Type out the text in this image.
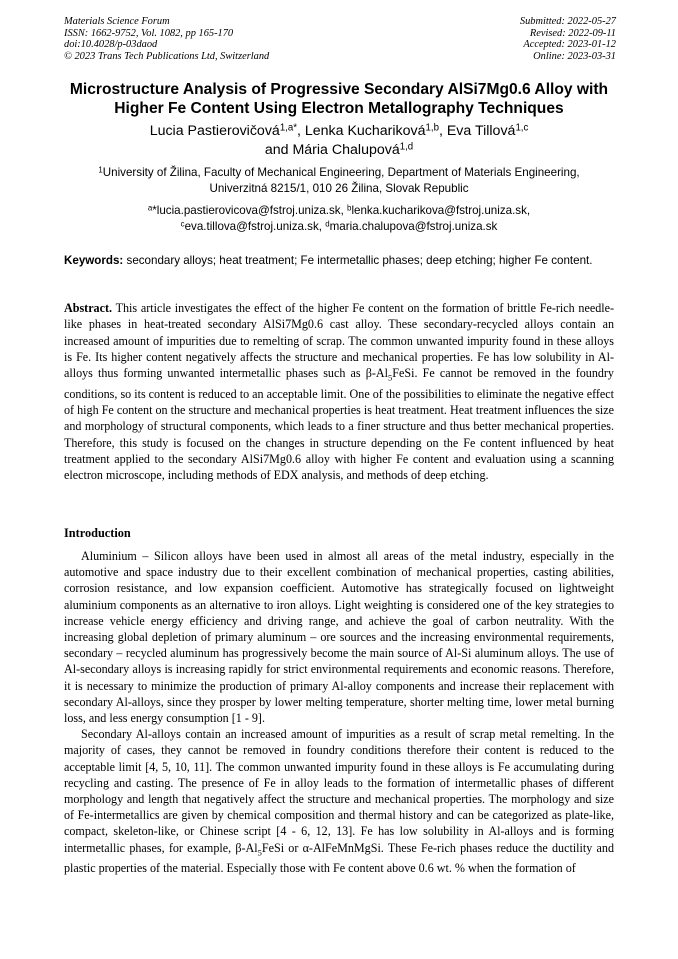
Materials Science Forum
ISSN: 1662-9752, Vol. 1082, pp 165-170
doi:10.4028/p-03daod
© 2023 Trans Tech Publications Ltd, Switzerland
Submitted: 2022-05-27
Revised: 2022-09-11
Accepted: 2023-01-12
Online: 2023-03-31
Microstructure Analysis of Progressive Secondary AlSi7Mg0.6 Alloy with Higher Fe Content Using Electron Metallography Techniques
Lucia Pastierovičová$^{1,a*}$, Lenka Kuchariková$^{1,b}$, Eva Tillová$^{1,c}$
and Mária Chalupová$^{1,d}$
$^1$University of Žilina, Faculty of Mechanical Engineering, Department of Materials Engineering,
Univerzitná 8215/1, 010 26 Žilina, Slovak Republic
$^a$*lucia.pastierovicova@fstroj.uniza.sk, $^b$lenka.kucharikova@fstroj.uniza.sk,
$^c$eva.tillova@fstroj.uniza.sk, $^d$maria.chalupova@fstroj.uniza.sk
Keywords: secondary alloys; heat treatment; Fe intermetallic phases; deep etching; higher Fe content.
Abstract. This article investigates the effect of the higher Fe content on the formation of brittle Fe-rich needle-like phases in heat-treated secondary AlSi7Mg0.6 cast alloy. These secondary-recycled alloys contain an increased amount of impurities due to remelting of scrap. The common unwanted impurity found in these alloys is Fe. Its higher content negatively affects the structure and mechanical properties. Fe has low solubility in Al-alloys thus forming unwanted intermetallic phases such as $\beta-Al_5FeSi$. Fe cannot be removed in the foundry conditions, so its content is reduced to an acceptable limit. One of the possibilities to eliminate the negative effect of high Fe content on the structure and mechanical properties is heat treatment. Heat treatment influences the size and morphology of structural components, which leads to a finer structure and thus better mechanical properties. Therefore, this study is focused on the changes in structure depending on the Fe content influenced by heat treatment applied to the secondary AlSi7Mg0.6 alloy with higher Fe content and evaluation using a scanning electron microscope, including methods of EDX analysis, and methods of deep etching.
Introduction

Aluminium – Silicon alloys have been used in almost all areas of the metal industry, especially in the automotive and space industry due to their excellent combination of mechanical properties, casting abilities, corrosion resistance, and low expansion coefficient. Automotive has strategically focused on lightweight aluminium components as an alternative to iron alloys. Light weighting is considered one of the key strategies to increase vehicle energy efficiency and driving range, and achieve the goal of carbon neutrality. With the increasing global depletion of primary aluminum – ore sources and the increasing environmental requirements, secondary – recycled aluminum has progressively become the main source of Al-Si aluminum alloys. The use of Al-secondary alloys is increasing rapidly for strict environmental requirements and economic reasons. Therefore, it is necessary to minimize the production of primary Al-alloy components and increase their replacement with secondary Al-alloys, since they prosper by lower melting temperature, shorter melting time, lower metal burning loss, and less energy consumption [1 - 9].

Secondary Al-alloys contain an increased amount of impurities as a result of scrap metal remelting. In the majority of cases, they cannot be removed in foundry conditions therefore their content is reduced to the acceptable limit [4, 5, 10, 11]. The common unwanted impurity found in these alloys is Fe accumulating during recycling and casting. The presence of Fe in alloy leads to the formation of intermetallic phases of different morphology and length that negatively affect the structure and mechanical properties. The morphology and size of Fe-intermetallics are given by chemical composition and thermal history and can be categorized as plate-like, compact, skeleton-like, or Chinese script [4 - 6, 12, 13]. Fe has low solubility in Al-alloys and is forming intermetallic phases, for example, $\beta-Al_5FeSi$ or α-AlFeMnMgSi. These Fe-rich phases reduce the ductility and plastic properties of the material. Especially those with Fe content above 0.6 wt. % when the formation of
